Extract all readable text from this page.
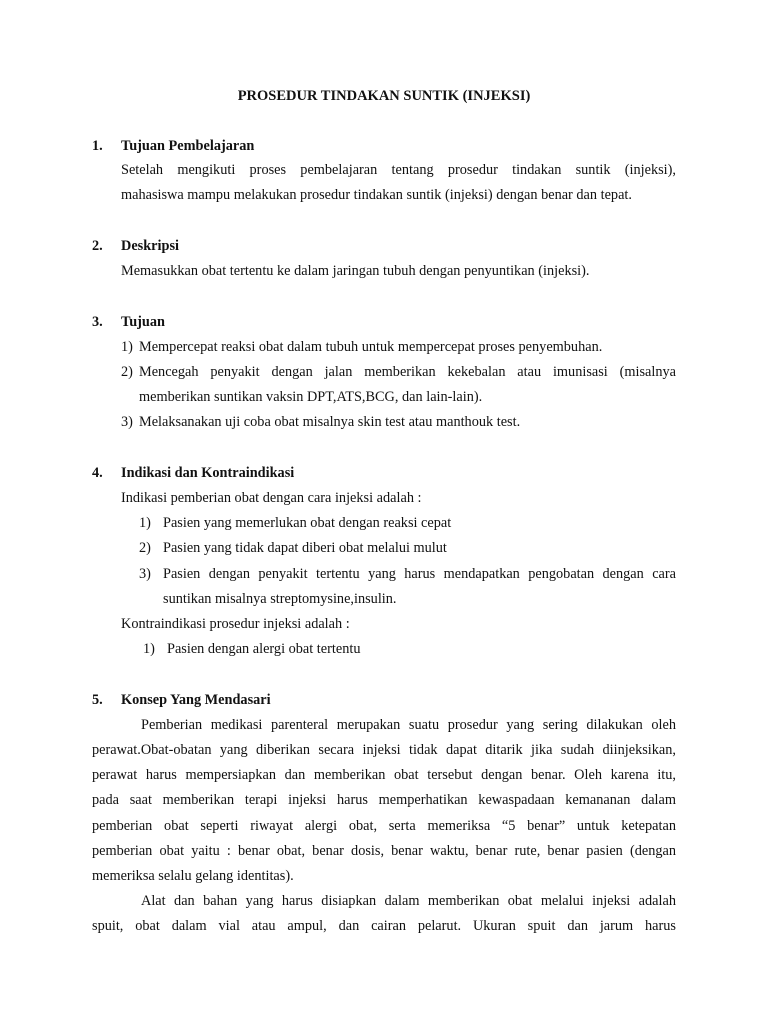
PROSEDUR TINDAKAN SUNTIK (INJEKSI)
1. Tujuan Pembelajaran
Setelah mengikuti proses pembelajaran tentang prosedur tindakan suntik (injeksi),
mahasiswa mampu melakukan prosedur tindakan suntik (injeksi) dengan benar dan tepat.
2. Deskripsi
Memasukkan obat tertentu ke dalam jaringan tubuh dengan penyuntikan (injeksi).
3. Tujuan
1) Mempercepat reaksi obat dalam tubuh untuk mempercepat proses penyembuhan.
2) Mencegah penyakit dengan jalan memberikan kekebalan atau imunisasi (misalnya
memberikan suntikan vaksin DPT,ATS,BCG, dan lain-lain).
3) Melaksanakan uji coba obat misalnya skin test atau manthouk test.
4. Indikasi dan Kontraindikasi
Indikasi pemberian obat dengan cara injeksi adalah :
1) Pasien yang memerlukan obat dengan reaksi cepat
2) Pasien yang tidak dapat diberi obat melalui mulut
3) Pasien dengan penyakit tertentu yang harus mendapatkan pengobatan dengan cara
suntikan misalnya streptomysine,insulin.
Kontraindikasi prosedur injeksi adalah :
1) Pasien dengan alergi obat tertentu
5. Konsep Yang Mendasari
Pemberian medikasi parenteral merupakan suatu prosedur yang sering dilakukan oleh
perawat.Obat-obatan yang diberikan secara injeksi tidak dapat ditarik jika sudah diinjeksikan,
perawat harus mempersiapkan dan memberikan obat tersebut dengan benar. Oleh karena itu,
pada saat memberikan terapi injeksi harus memperhatikan kewaspadaan kemananan dalam
pemberian obat seperti riwayat alergi obat, serta memeriksa “5 benar” untuk ketepatan
pemberian obat yaitu : benar obat, benar dosis, benar waktu, benar rute, benar pasien (dengan
memeriksa selalu gelang identitas).
Alat dan bahan yang harus disiapkan dalam memberikan obat melalui injeksi adalah
spuit, obat dalam vial atau ampul, dan cairan pelarut. Ukuran spuit dan jarum harus
